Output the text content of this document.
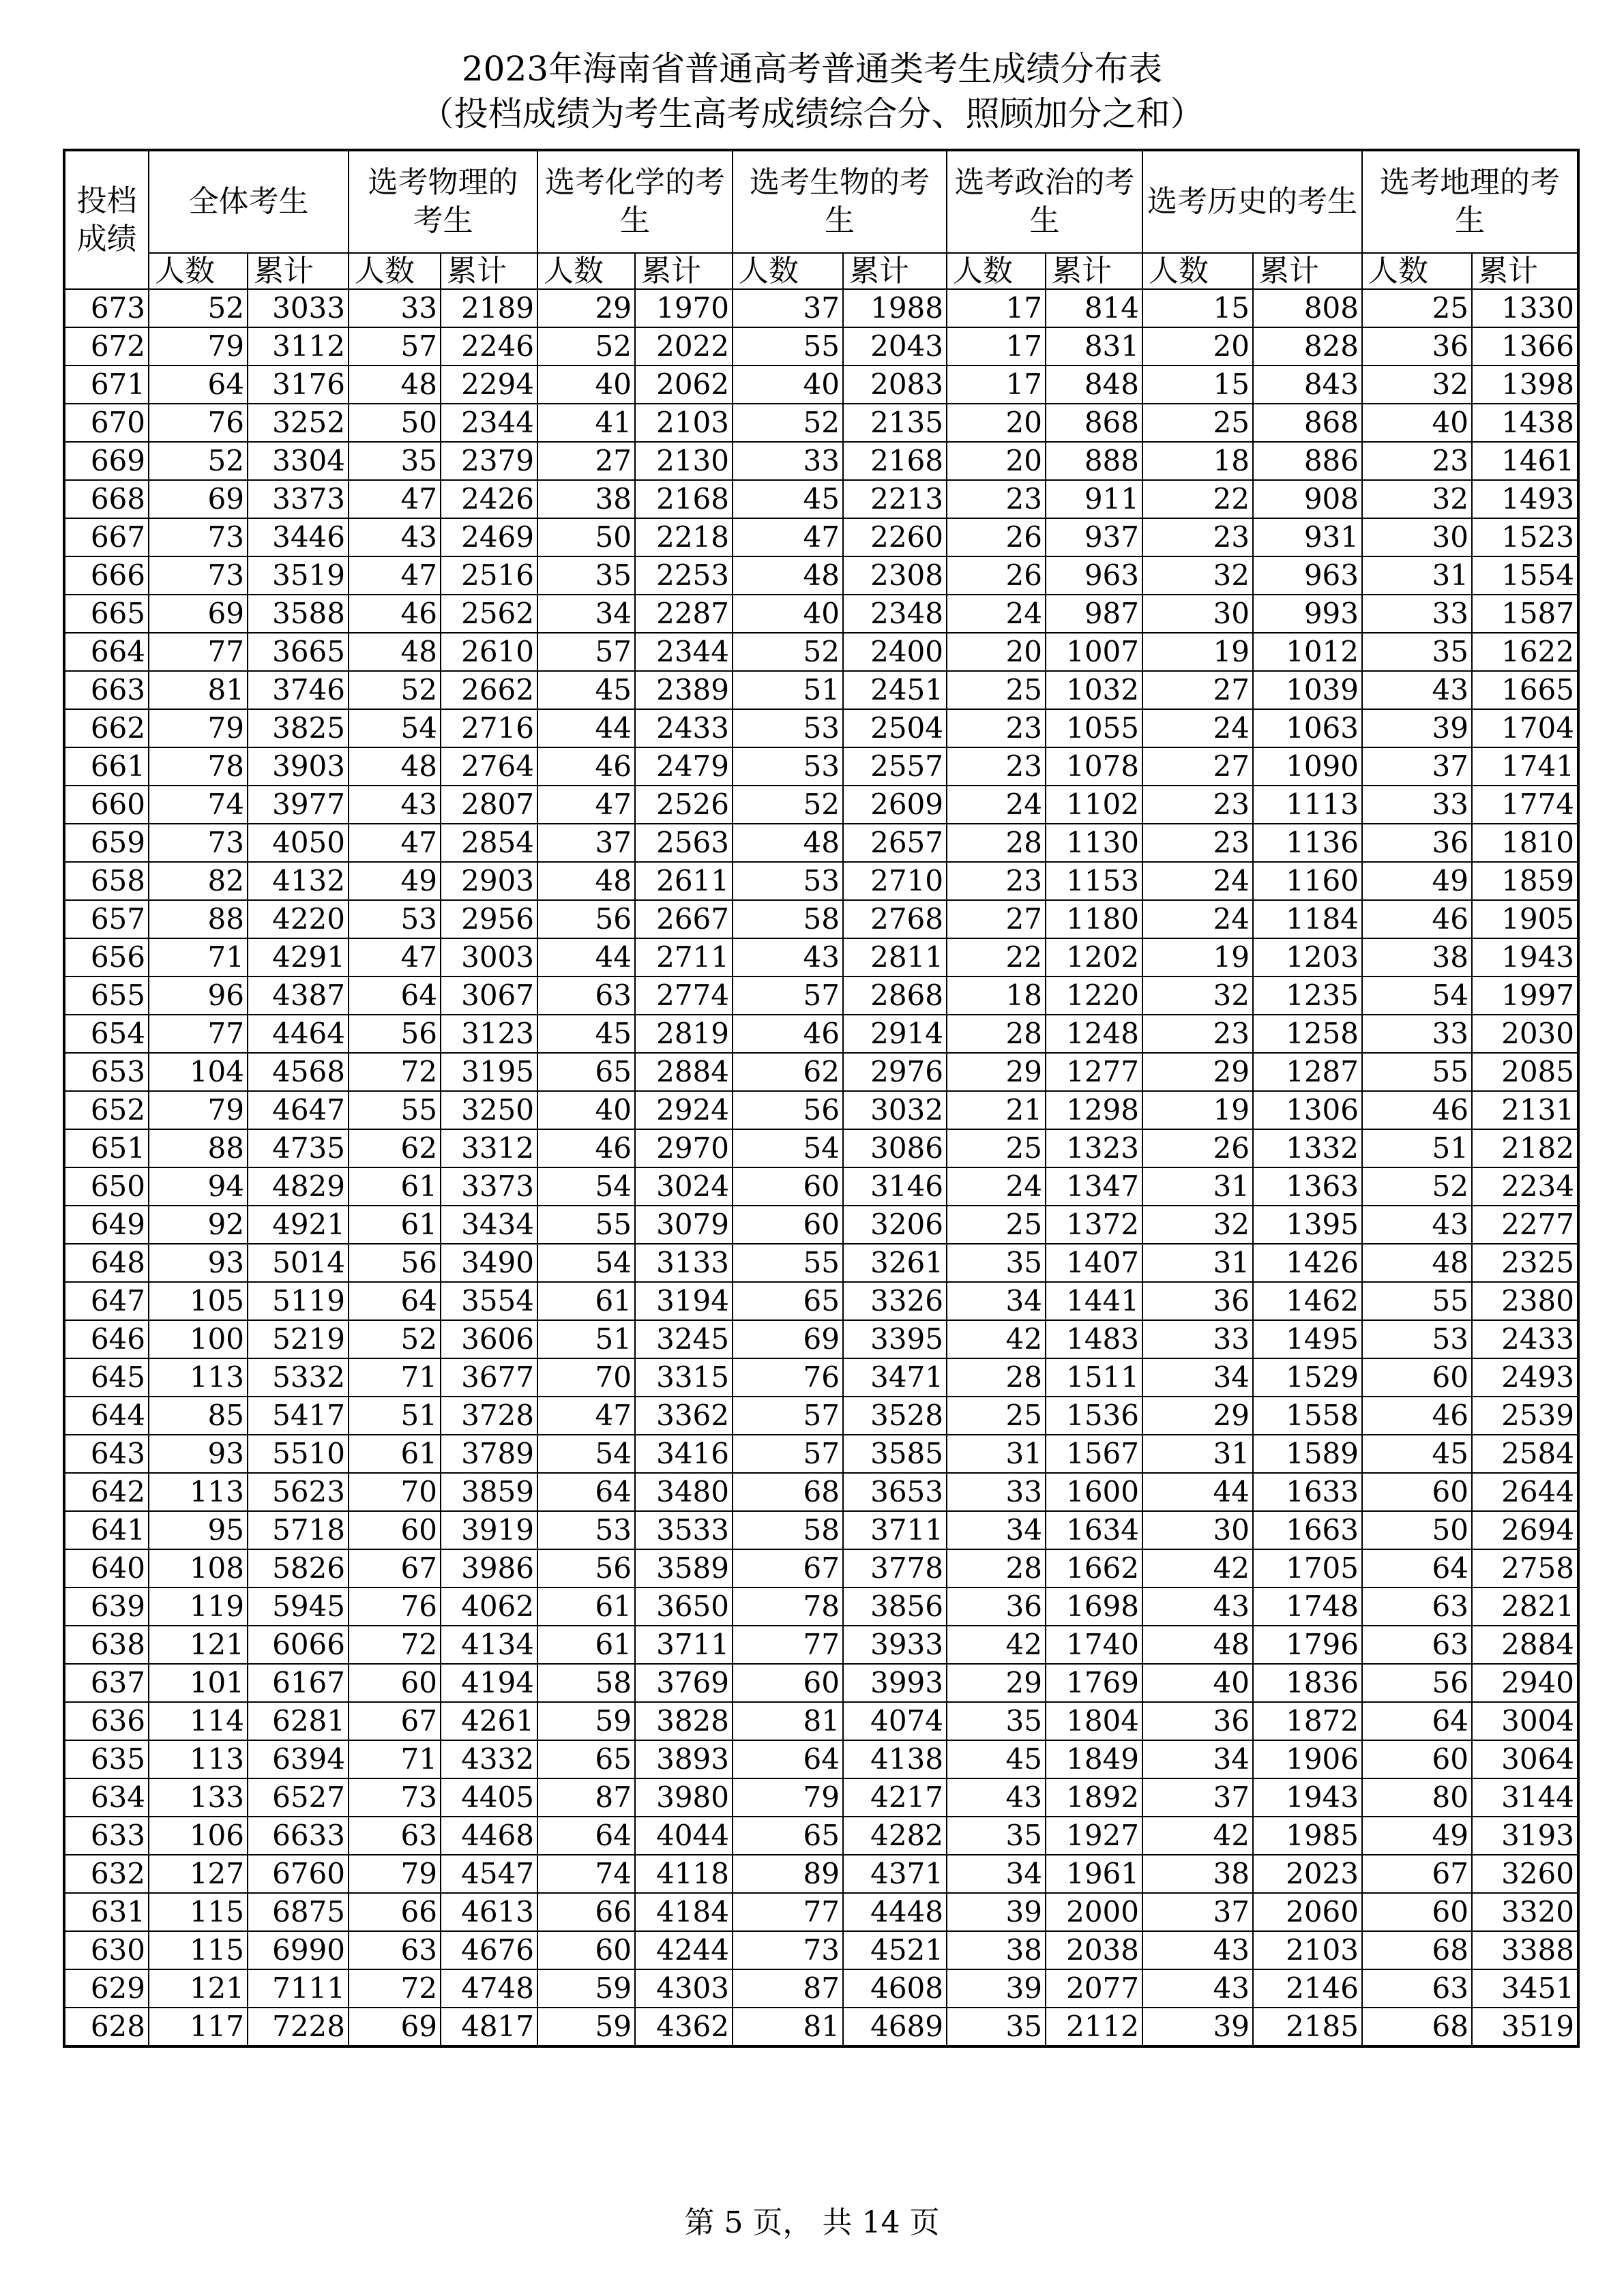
2023年海南省普通高考普通类考生成绩分布表
（投档成绩为考生高考成绩综合分、照顾加分之和）
投档成绩	全体考生		选考物理的考生		选考化学的考生		选考生物的考生		选考政治的考生		选考历史的考生		选考地理的考生	
	人数	累计	人数	累计	人数	累计	人数	累计	人数	累计	人数	累计	人数	累计
673	52	3033	33	2189	29	1970	37	1988	17	814	15	808	25	1330
672	79	3112	57	2246	52	2022	55	2043	17	831	20	828	36	1366
671	64	3176	48	2294	40	2062	40	2083	17	848	15	843	32	1398
670	76	3252	50	2344	41	2103	52	2135	20	868	25	868	40	1438
669	52	3304	35	2379	27	2130	33	2168	20	888	18	886	23	1461
668	69	3373	47	2426	38	2168	45	2213	23	911	22	908	32	1493
667	73	3446	43	2469	50	2218	47	2260	26	937	23	931	30	1523
666	73	3519	47	2516	35	2253	48	2308	26	963	32	963	31	1554
665	69	3588	46	2562	34	2287	40	2348	24	987	30	993	33	1587
664	77	3665	48	2610	57	2344	52	2400	20	1007	19	1012	35	1622
663	81	3746	52	2662	45	2389	51	2451	25	1032	27	1039	43	1665
662	79	3825	54	2716	44	2433	53	2504	23	1055	24	1063	39	1704
661	78	3903	48	2764	46	2479	53	2557	23	1078	27	1090	37	1741
660	74	3977	43	2807	47	2526	52	2609	24	1102	23	1113	33	1774
659	73	4050	47	2854	37	2563	48	2657	28	1130	23	1136	36	1810
658	82	4132	49	2903	48	2611	53	2710	23	1153	24	1160	49	1859
657	88	4220	53	2956	56	2667	58	2768	27	1180	24	1184	46	1905
656	71	4291	47	3003	44	2711	43	2811	22	1202	19	1203	38	1943
655	96	4387	64	3067	63	2774	57	2868	18	1220	32	1235	54	1997
654	77	4464	56	3123	45	2819	46	2914	28	1248	23	1258	33	2030
653	104	4568	72	3195	65	2884	62	2976	29	1277	29	1287	55	2085
652	79	4647	55	3250	40	2924	56	3032	21	1298	19	1306	46	2131
651	88	4735	62	3312	46	2970	54	3086	25	1323	26	1332	51	2182
650	94	4829	61	3373	54	3024	60	3146	24	1347	31	1363	52	2234
649	92	4921	61	3434	55	3079	60	3206	25	1372	32	1395	43	2277
648	93	5014	56	3490	54	3133	55	3261	35	1407	31	1426	48	2325
647	105	5119	64	3554	61	3194	65	3326	34	1441	36	1462	55	2380
646	100	5219	52	3606	51	3245	69	3395	42	1483	33	1495	53	2433
645	113	5332	71	3677	70	3315	76	3471	28	1511	34	1529	60	2493
644	85	5417	51	3728	47	3362	57	3528	25	1536	29	1558	46	2539
643	93	5510	61	3789	54	3416	57	3585	31	1567	31	1589	45	2584
642	113	5623	70	3859	64	3480	68	3653	33	1600	44	1633	60	2644
641	95	5718	60	3919	53	3533	58	3711	34	1634	30	1663	50	2694
640	108	5826	67	3986	56	3589	67	3778	28	1662	42	1705	64	2758
639	119	5945	76	4062	61	3650	78	3856	36	1698	43	1748	63	2821
638	121	6066	72	4134	61	3711	77	3933	42	1740	48	1796	63	2884
637	101	6167	60	4194	58	3769	60	3993	29	1769	40	1836	56	2940
636	114	6281	67	4261	59	3828	81	4074	35	1804	36	1872	64	3004
635	113	6394	71	4332	65	3893	64	4138	45	1849	34	1906	60	3064
634	133	6527	73	4405	87	3980	79	4217	43	1892	37	1943	80	3144
633	106	6633	63	4468	64	4044	65	4282	35	1927	42	1985	49	3193
632	127	6760	79	4547	74	4118	89	4371	34	1961	38	2023	67	3260
631	115	6875	66	4613	66	4184	77	4448	39	2000	37	2060	60	3320
630	115	6990	63	4676	60	4244	73	4521	38	2038	43	2103	68	3388
629	121	7111	72	4748	59	4303	87	4608	39	2077	43	2146	63	3451
628	117	7228	69	4817	59	4362	81	4689	35	2112	39	2185	68	3519
第 5 页， 共 14 页
